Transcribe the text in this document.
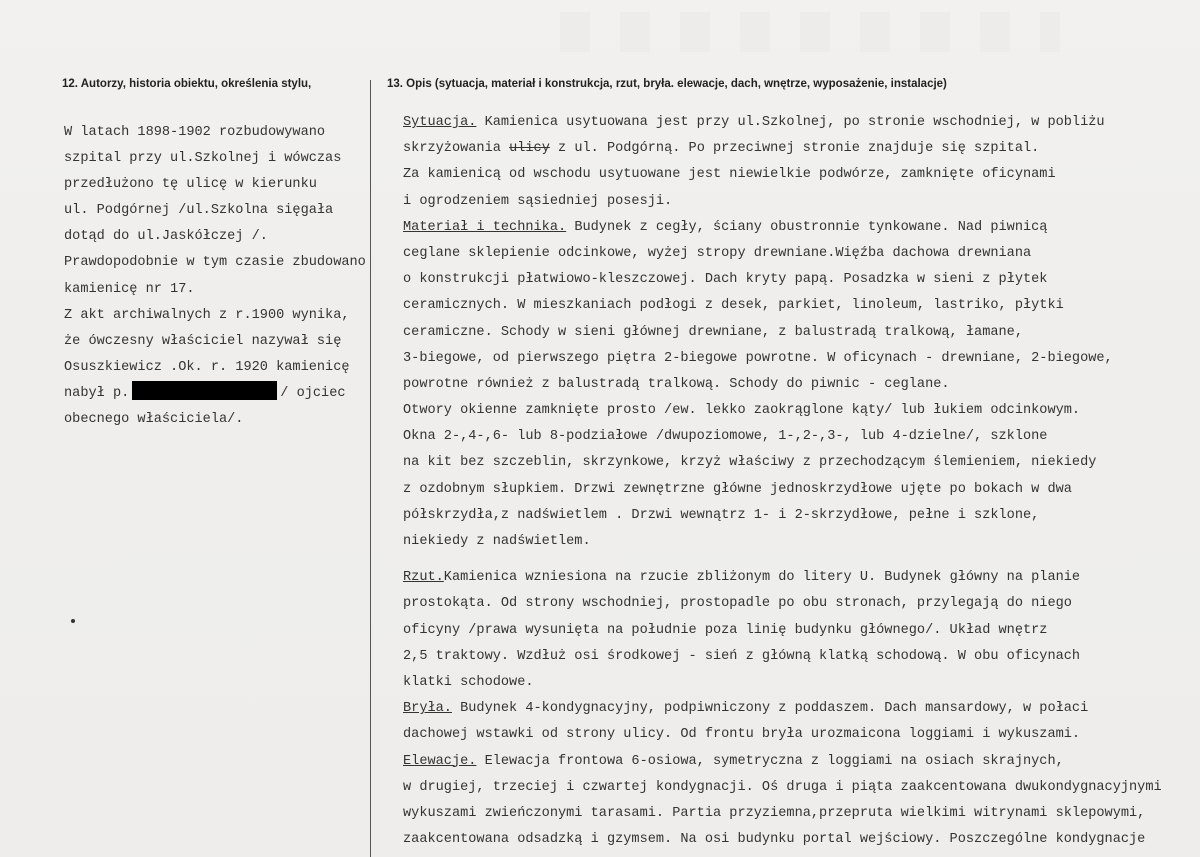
12. Autorzy, historia obiektu, określenia stylu,	13. Opis (sytuacja, materiał i konstrukcja, rzut, bryła. elewacje, dach, wnętrze, wyposażenie, instalacje)
W latach 1898-1902 rozbudowywano
szpital przy ul.Szkolnej i wówczas
przedłużono tę ulicę w kierunku
ul. Podgórnej /ul.Szkolna sięgała
dotąd do ul.Jaskółczej /.
Prawdopodobnie w tym czasie zbudowano
kamienicę nr 17.
Z akt archiwalnych z r.1900 wynika,
że ówczesny właściciel nazywał się
Osuszkiewicz .Ok. r. 1920 kamienicę
nabył p.	/ ojciec
obecnego właściciela/.
Sytuacja. Kamienica usytuowana jest przy ul.Szkolnej, po stronie wschodniej, w pobliżu
skrzyżowania ulicy z ul. Podgórną. Po przeciwnej stronie znajduje się szpital.
Za kamienicą od wschodu usytuowane jest niewielkie podwórze, zamknięte oficynami
i ogrodzeniem sąsiedniej posesji.
Materiał i technika. Budynek z cegły, ściany obustronnie tynkowane. Nad piwnicą
ceglane sklepienie odcinkowe, wyżej stropy drewniane.Więźba dachowa drewniana
o konstrukcji płatwiowo-kleszczowej. Dach kryty papą. Posadzka w sieni z płytek
ceramicznych. W mieszkaniach podłogi z desek, parkiet, linoleum, lastriko, płytki
ceramiczne. Schody w sieni głównej drewniane, z balustradą tralkową, łamane,
3-biegowe, od pierwszego piętra 2-biegowe powrotne. W oficynach - drewniane, 2-biegowe,
powrotne również z balustradą tralkową. Schody do piwnic - ceglane.
Otwory okienne zamknięte prosto /ew. lekko zaokrąglone kąty/ lub łukiem odcinkowym.
Okna 2-,4-,6- lub 8-podziałowe /dwupoziomowe, 1-,2-,3-, lub 4-dzielne/, szklone
na kit bez szczeblin, skrzynkowe, krzyż właściwy z przechodzącym ślemieniem, niekiedy
z ozdobnym słupkiem. Drzwi zewnętrzne główne jednoskrzydłowe ujęte po bokach w dwa
półskrzydła,z nadświetlem . Drzwi wewnątrz 1- i 2-skrzydłowe, pełne i szklone,
niekiedy z nadświetlem.
Rzut.Kamienica wzniesiona na rzucie zbliżonym do litery U. Budynek główny na planie
prostokąta. Od strony wschodniej, prostopadle po obu stronach, przylegają do niego
oficyny /prawa wysunięta na południe poza linię budynku głównego/. Układ wnętrz
2,5 traktowy. Wzdłuż osi środkowej - sień z główną klatką schodową. W obu oficynach
klatki schodowe.
Bryła. Budynek 4-kondygnacyjny, podpiwniczony z poddaszem. Dach mansardowy, w połaci
dachowej wstawki od strony ulicy. Od frontu bryła urozmaicona loggiami i wykuszami.
Elewacje. Elewacja frontowa 6-osiowa, symetryczna z loggiami na osiach skrajnych,
w drugiej, trzeciej i czwartej kondygnacji. Oś druga i piąta zaakcentowana dwukondygnacyjnymi
wykuszami zwieńczonymi tarasami. Partia przyziemna,przepruta wielkimi witrynami sklepowymi,
zaakcentowana odsadzką i gzymsem. Na osi budynku portal wejściowy. Poszczególne kondygnacje
